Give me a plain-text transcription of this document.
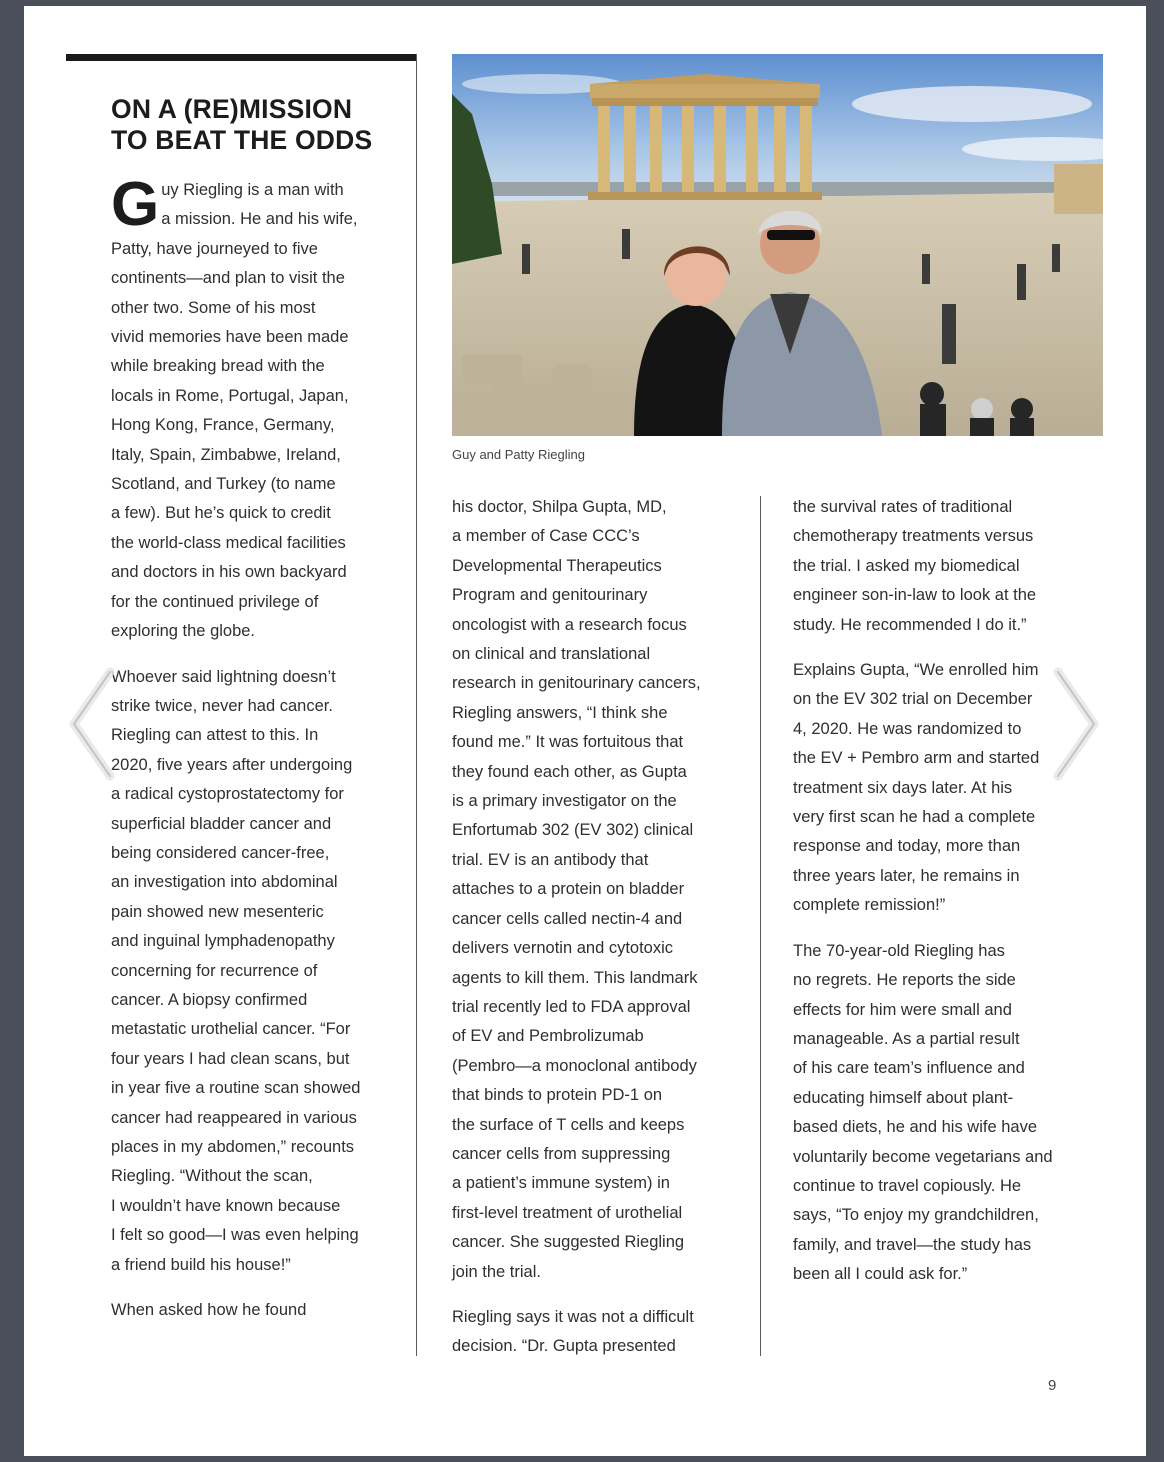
ON A (RE)MISSION
TO BEAT THE ODDS

G uy Riegling is a man with
a mission. He and his wife,
Patty, have journeyed to five
continents—and plan to visit the
other two. Some of his most
vivid memories have been made
while breaking bread with the
locals in Rome, Portugal, Japan,
Hong Kong, France, Germany,
Italy, Spain, Zimbabwe, Ireland,
Scotland, and Turkey (to name
a few). But he’s quick to credit
the world-class medical facilities
and doctors in his own backyard
for the continued privilege of
exploring the globe.

Whoever said lightning doesn’t
strike twice, never had cancer.
Riegling can attest to this. In
2020, five years after undergoing
a radical cystoprostatectomy for
superficial bladder cancer and
being considered cancer-free,
an investigation into abdominal
pain showed new mesenteric
and inguinal lymphadenopathy
concerning for recurrence of
cancer. A biopsy confirmed
metastatic urothelial cancer. “For
four years I had clean scans, but
in year five a routine scan showed
cancer had reappeared in various
places in my abdomen,” recounts
Riegling. “Without the scan,
I wouldn’t have known because
I felt so good—I was even helping
a friend build his house!”

When asked how he found

his doctor, Shilpa Gupta, MD,
a member of Case CCC’s
Developmental Therapeutics
Program and genitourinary
oncologist with a research focus
on clinical and translational
research in genitourinary cancers,
Riegling answers, “I think she
found me.” It was fortuitous that
they found each other, as Gupta
is a primary investigator on the
Enfortumab 302 (EV 302) clinical
trial. EV is an antibody that
attaches to a protein on bladder
cancer cells called nectin-4 and
delivers vernotin and cytotoxic
agents to kill them. This landmark
trial recently led to FDA approval
of EV and Pembrolizumab
(Pembro—a monoclonal antibody
that binds to protein PD-1 on
the surface of T cells and keeps
cancer cells from suppressing
a patient’s immune system) in
first-level treatment of urothelial
cancer. She suggested Riegling
join the trial.

Riegling says it was not a difficult
decision. “Dr. Gupta presented

the survival rates of traditional
chemotherapy treatments versus
the trial. I asked my biomedical
engineer son-in-law to look at the
study. He recommended I do it.”

Explains Gupta, “We enrolled him
on the EV 302 trial on December
4, 2020. He was randomized to
the EV + Pembro arm and started
treatment six days later. At his
very first scan he had a complete
response and today, more than
three years later, he remains in
complete remission!”

The 70-year-old Riegling has
no regrets. He reports the side
effects for him were small and
manageable. As a partial result
of his care team’s influence and
educating himself about plant-
based diets, he and his wife have
voluntarily become vegetarians and
continue to travel copiously. He
says, “To enjoy my grandchildren,
family, and travel—the study has
been all I could ask for.”

Guy and Patty Riegling
9
